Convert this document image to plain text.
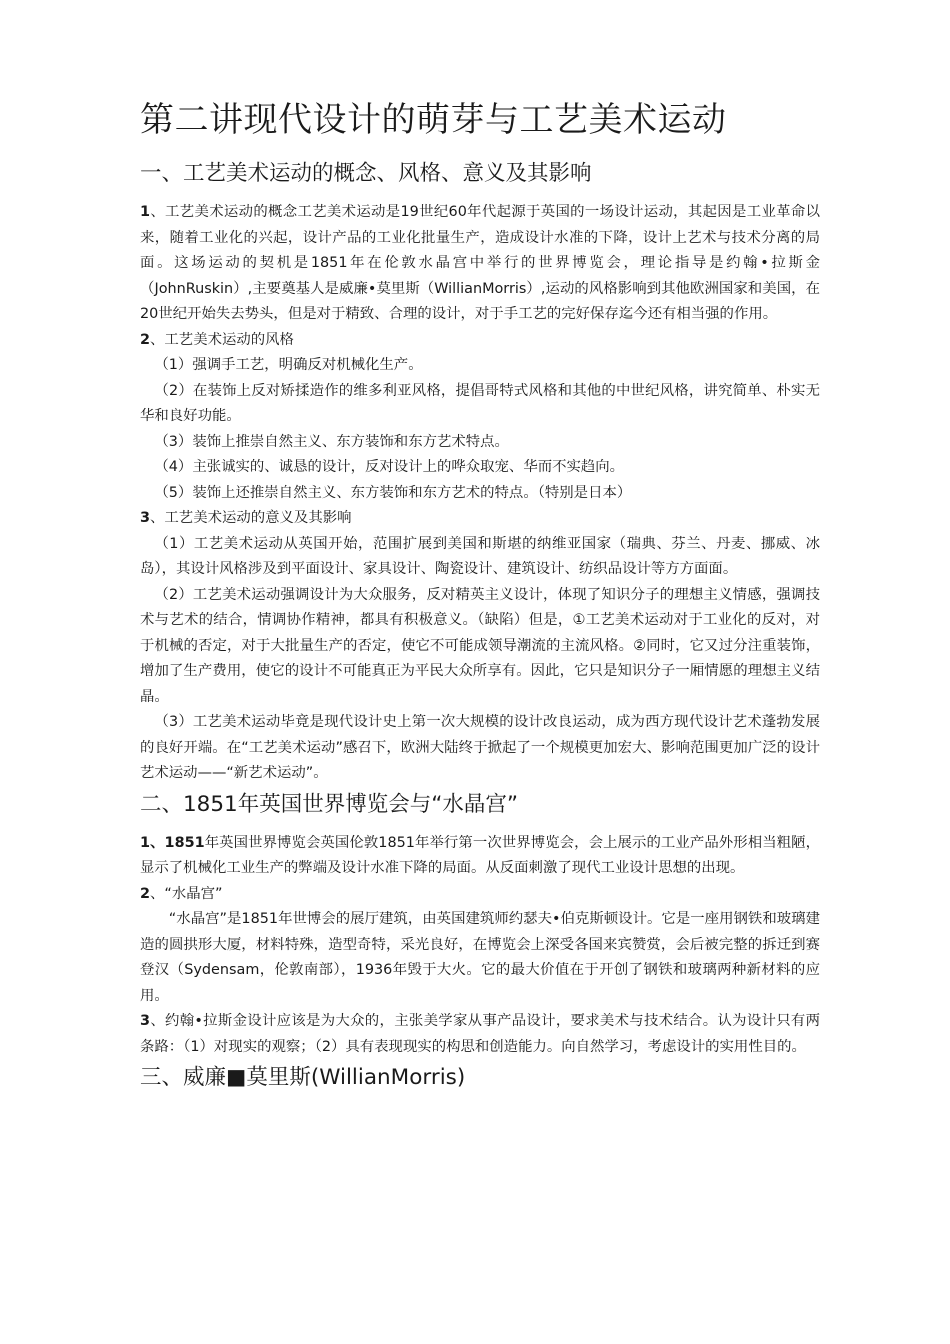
第二讲现代设计的萌芽与工艺美术运动
一、工艺美术运动的概念、风格、意义及其影响

1、工艺美术运动的概念工艺美术运动是19世纪60年代起源于英国的一场设计运动，其起因是工业革命以来，随着工业化的兴起，设计产品的工业化批量生产，造成设计水准的下降，设计上艺术与技术分离的局面。这场运动的契机是1851年在伦敦水晶宫中举行的世界博览会，理论指导是约翰•拉斯金（JohnRuskin）,主要奠基人是威廉•莫里斯（WillianMorris）,运动的风格影响到其他欧洲国家和美国，在20世纪开始失去势头，但是对于精致、合理的设计，对于手工艺的完好保存迄今还有相当强的作用。

2、工艺美术运动的风格

（1）强调手工艺，明确反对机械化生产。

（2）在装饰上反对矫揉造作的维多利亚风格，提倡哥特式风格和其他的中世纪风格，讲究简单、朴实无华和良好功能。

（3）装饰上推崇自然主义、东方装饰和东方艺术特点。

（4）主张诚实的、诚恳的设计，反对设计上的哗众取宠、华而不实趋向。

（5）装饰上还推崇自然主义、东方装饰和东方艺术的特点。（特别是日本）

3、工艺美术运动的意义及其影响

（1）工艺美术运动从英国开始，范围扩展到美国和斯堪的纳维亚国家（瑞典、芬兰、丹麦、挪威、冰岛），其设计风格涉及到平面设计、家具设计、陶瓷设计、建筑设计、纺织品设计等方方面面。

（2）工艺美术运动强调设计为大众服务，反对精英主义设计，体现了知识分子的理想主义情感，强调技术与艺术的结合，情调协作精神，都具有积极意义。（缺陷）但是，①工艺美术运动对于工业化的反对，对于机械的否定，对于大批量生产的否定，使它不可能成领导潮流的主流风格。②同时，它又过分注重装饰，增加了生产费用，使它的设计不可能真正为平民大众所享有。因此，它只是知识分子一厢情愿的理想主义结晶。

（3）工艺美术运动毕竟是现代设计史上第一次大规模的设计改良运动，成为西方现代设计艺术蓬勃发展的良好开端。在“工艺美术运动”感召下，欧洲大陆终于掀起了一个规模更加宏大、影响范围更加广泛的设计艺术运动——“新艺术运动”。

二、1851年英国世界博览会与“水晶宫”

1、1851年英国世界博览会英国伦敦1851年举行第一次世界博览会，会上展示的工业产品外形相当粗陋，显示了机械化工业生产的弊端及设计水准下降的局面。从反面刺激了现代工业设计思想的出现。

2、“水晶宫”

“水晶宫”是1851年世博会的展厅建筑，由英国建筑师约瑟夫•伯克斯顿设计。它是一座用钢铁和玻璃建造的圆拱形大厦，材料特殊，造型奇特，采光良好，在博览会上深受各国来宾赞赏，会后被完整的拆迁到赛登汉（Sydensam，伦敦南部），1936年毁于大火。它的最大价值在于开创了钢铁和玻璃两种新材料的应用。

3、约翰•拉斯金设计应该是为大众的，主张美学家从事产品设计，要求美术与技术结合。认为设计只有两条路：（1）对现实的观察；（2）具有表现现实的构思和创造能力。向自然学习，考虑设计的实用性目的。

三、威廉■莫里斯(WillianMorris)
